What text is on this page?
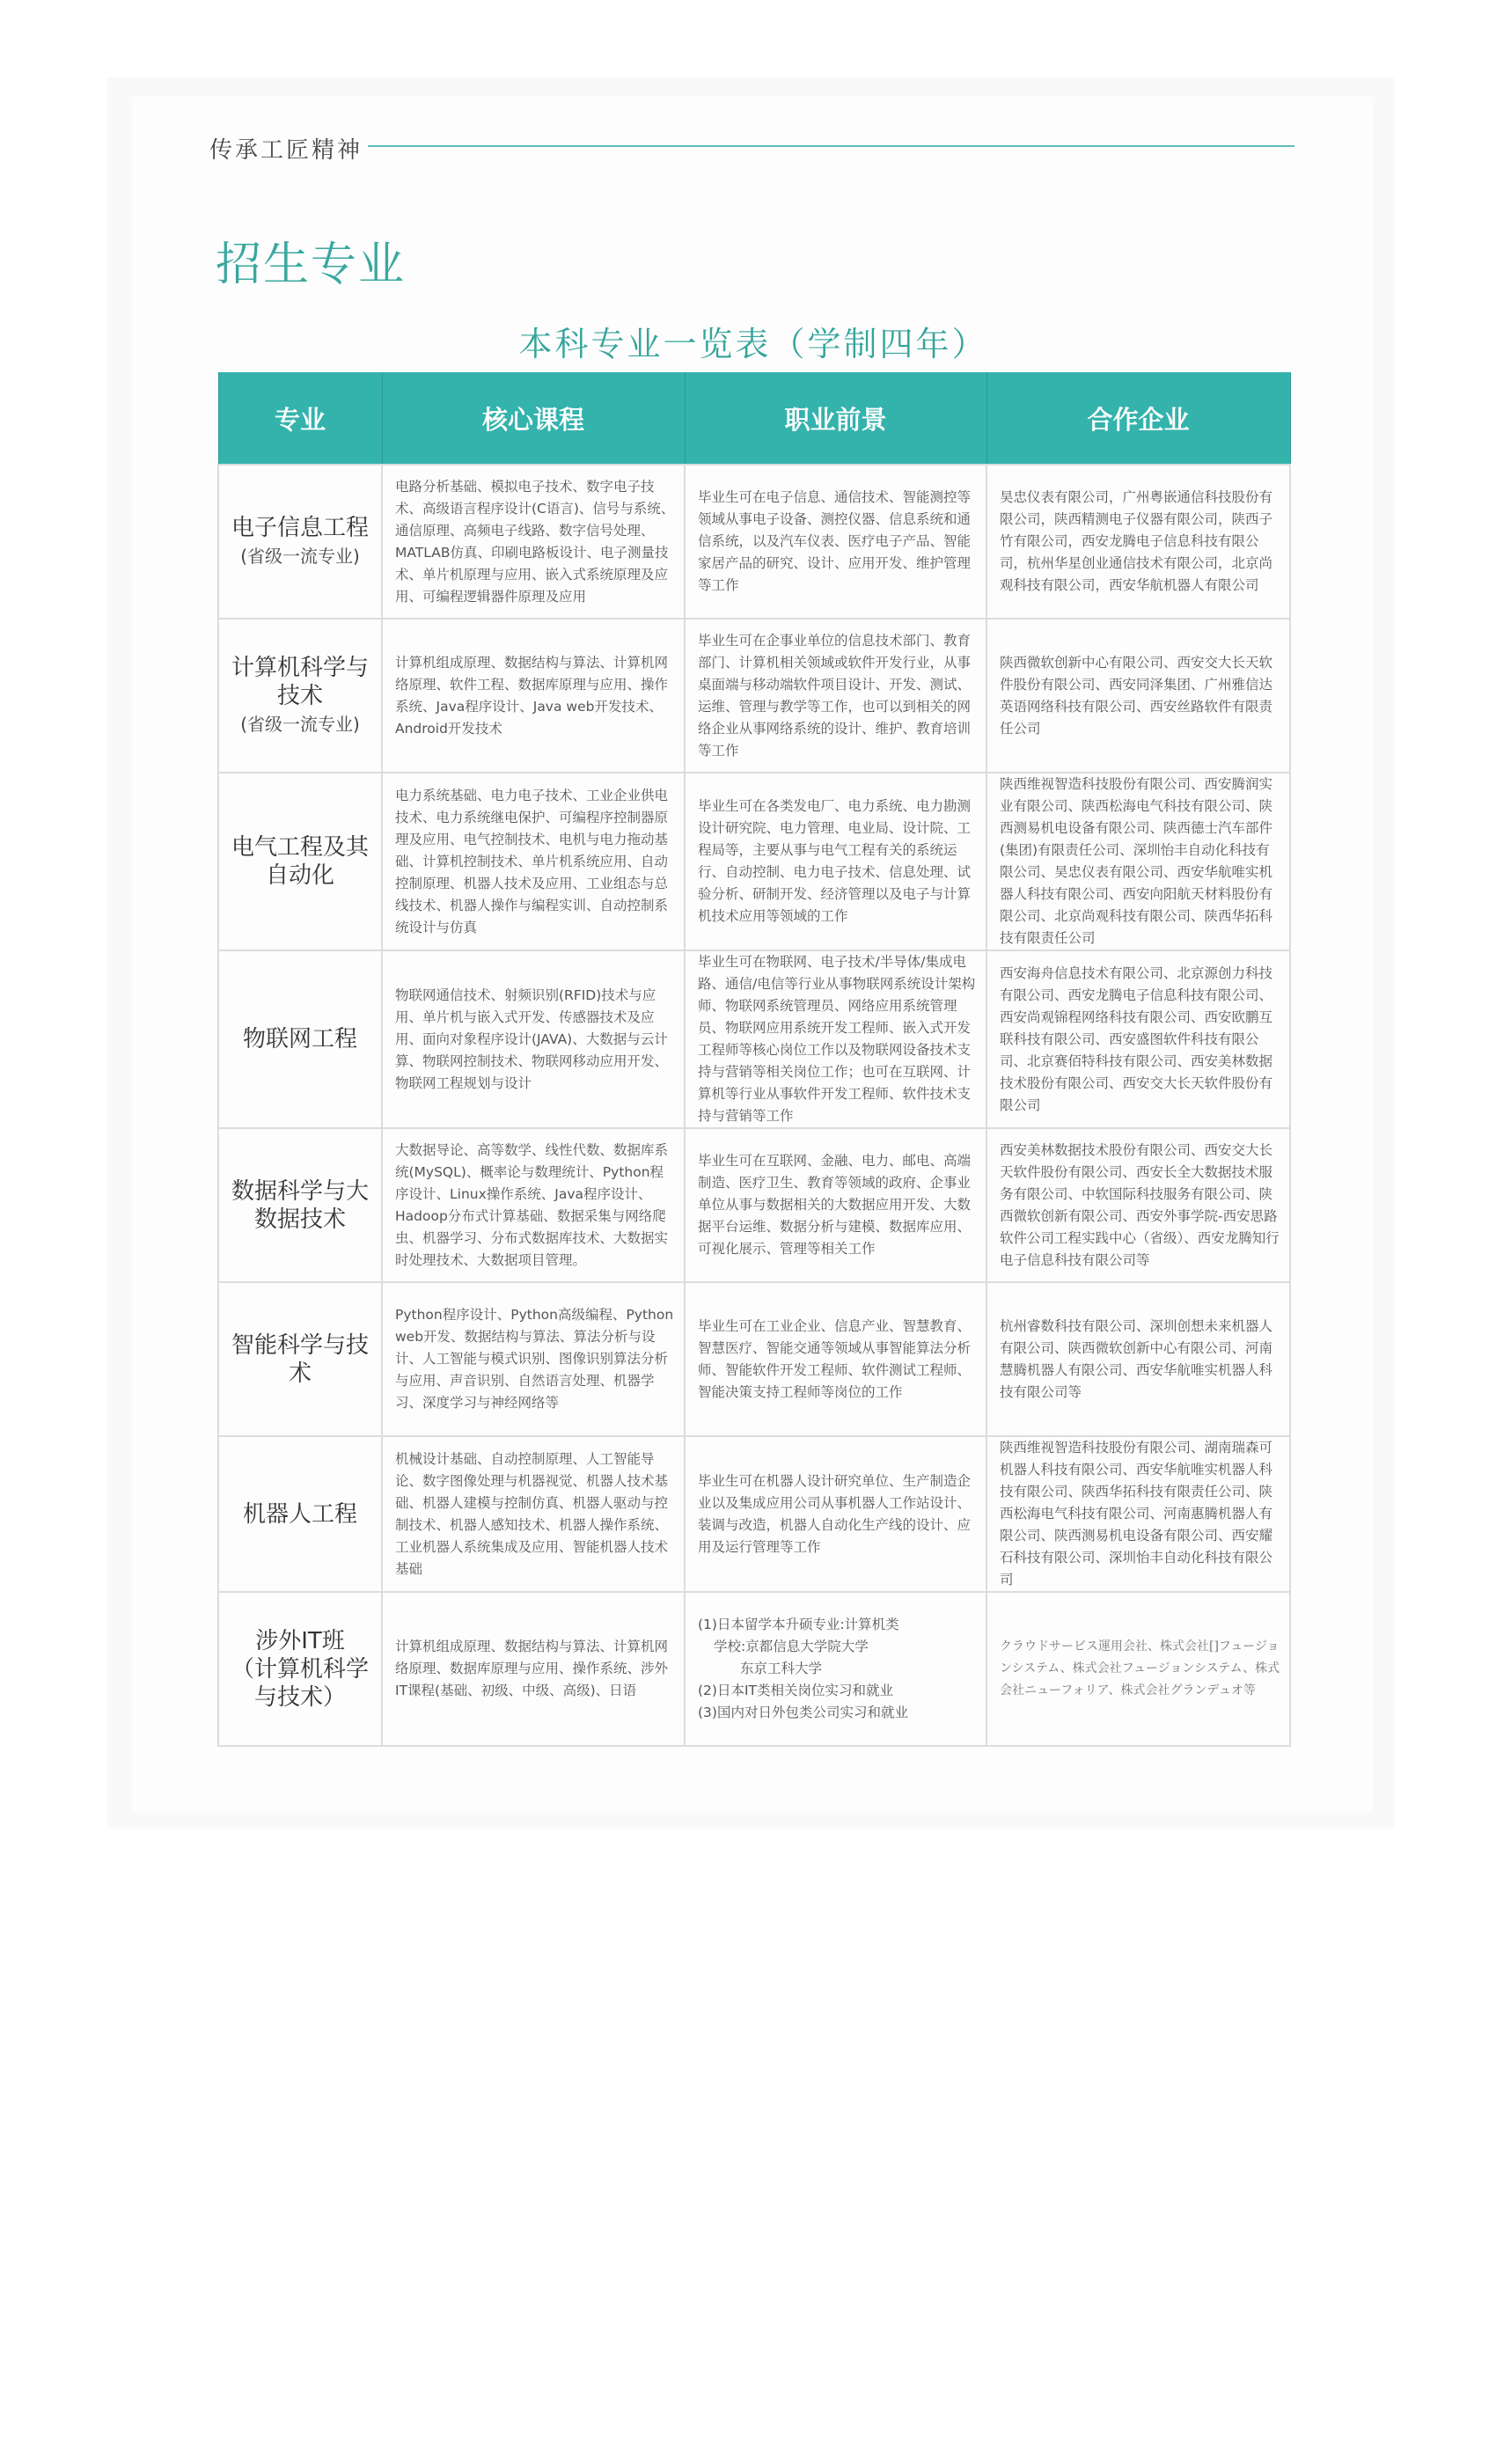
传承工匠精神
招生专业
本科专业一览表（学制四年）
专业	核心课程	职业前景	合作企业

电子信息工程
(省级一流专业)	电路分析基础、模拟电子技术、数字电子技术、高级语言程序设计(C语言)、信号与系统、通信原理、高频电子线路、数字信号处理、MATLAB仿真、印刷电路板设计、电子测量技术、单片机原理与应用、嵌入式系统原理及应用、可编程逻辑器件原理及应用	毕业生可在电子信息、通信技术、智能测控等领域从事电子设备、测控仪器、信息系统和通信系统，以及汽车仪表、医疗电子产品、智能家居产品的研究、设计、应用开发、维护管理等工作	昊忠仪表有限公司，广州粤嵌通信科技股份有限公司，陕西精测电子仪器有限公司，陕西子竹有限公司，西安龙腾电子信息科技有限公司，杭州华星创业通信技术有限公司，北京尚观科技有限公司，西安华航机器人有限公司

计算机科学与技术
(省级一流专业)	计算机组成原理、数据结构与算法、计算机网络原理、软件工程、数据库原理与应用、操作系统、Java程序设计、Java web开发技术、Android开发技术	毕业生可在企事业单位的信息技术部门、教育部门、计算机相关领域或软件开发行业，从事桌面端与移动端软件项目设计、开发、测试、运维、管理与教学等工作，也可以到相关的网络企业从事网络系统的设计、维护、教育培训等工作	陕西微软创新中心有限公司、西安交大长天软件股份有限公司、西安同泽集团、广州雅信达英语网络科技有限公司、西安丝路软件有限责任公司

电气工程及其自动化	电力系统基础、电力电子技术、工业企业供电技术、电力系统继电保护、可编程序控制器原理及应用、电气控制技术、电机与电力拖动基础、计算机控制技术、单片机系统应用、自动控制原理、机器人技术及应用、工业组态与总线技术、机器人操作与编程实训、自动控制系统设计与仿真	毕业生可在各类发电厂、电力系统、电力勘测设计研究院、电力管理、电业局、设计院、工程局等，主要从事与电气工程有关的系统运行、自动控制、电力电子技术、信息处理、试验分析、研制开发、经济管理以及电子与计算机技术应用等领域的工作	陕西维视智造科技股份有限公司、西安腾润实业有限公司、陕西松海电气科技有限公司、陕西测易机电设备有限公司、陕西德士汽车部件(集团)有限责任公司、深圳怡丰自动化科技有限公司、昊忠仪表有限公司、西安华航唯实机器人科技有限公司、西安向阳航天材料股份有限公司、北京尚观科技有限公司、陕西华拓科技有限责任公司

物联网工程	物联网通信技术、射频识别(RFID)技术与应用、单片机与嵌入式开发、传感器技术及应用、面向对象程序设计(JAVA)、大数据与云计算、物联网控制技术、物联网移动应用开发、物联网工程规划与设计	毕业生可在物联网、电子技术/半导体/集成电路、通信/电信等行业从事物联网系统设计架构师、物联网系统管理员、网络应用系统管理员、物联网应用系统开发工程师、嵌入式开发工程师等核心岗位工作以及物联网设备技术支持与营销等相关岗位工作；也可在互联网、计算机等行业从事软件开发工程师、软件技术支持与营销等工作	西安海舟信息技术有限公司、北京源创力科技有限公司、西安龙腾电子信息科技有限公司、西安尚观锦程网络科技有限公司、西安欧鹏互联科技有限公司、西安盛图软件科技有限公司、北京赛佰特科技有限公司、西安美林数据技术股份有限公司、西安交大长天软件股份有限公司

数据科学与大数据技术	大数据导论、高等数学、线性代数、数据库系统(MySQL)、概率论与数理统计、Python程序设计、Linux操作系统、Java程序设计、Hadoop分布式计算基础、数据采集与网络爬虫、机器学习、分布式数据库技术、大数据实时处理技术、大数据项目管理。	毕业生可在互联网、金融、电力、邮电、高端制造、医疗卫生、教育等领域的政府、企事业单位从事与数据相关的大数据应用开发、大数据平台运维、数据分析与建模、数据库应用、可视化展示、管理等相关工作	西安美林数据技术股份有限公司、西安交大长天软件股份有限公司、西安长全大数据技术服务有限公司、中软国际科技服务有限公司、陕西微软创新有限公司、西安外事学院-西安思路软件公司工程实践中心（省级）、西安龙腾知行电子信息科技有限公司等

智能科学与技术	Python程序设计、Python高级编程、Python web开发、数据结构与算法、算法分析与设计、人工智能与模式识别、图像识别算法分析与应用、声音识别、自然语言处理、机器学习、深度学习与神经网络等	毕业生可在工业企业、信息产业、智慧教育、智慧医疗、智能交通等领域从事智能算法分析师、智能软件开发工程师、软件测试工程师、智能决策支持工程师等岗位的工作	杭州睿数科技有限公司、深圳创想未来机器人有限公司、陕西微软创新中心有限公司、河南慧腾机器人有限公司、西安华航唯实机器人科技有限公司等

机器人工程	机械设计基础、自动控制原理、人工智能导论、数字图像处理与机器视觉、机器人技术基础、机器人建模与控制仿真、机器人驱动与控制技术、机器人感知技术、机器人操作系统、工业机器人系统集成及应用、智能机器人技术基础	毕业生可在机器人设计研究单位、生产制造企业以及集成应用公司从事机器人工作站设计、装调与改造，机器人自动化生产线的设计、应用及运行管理等工作	陕西维视智造科技股份有限公司、湖南瑞森可机器人科技有限公司、西安华航唯实机器人科技有限公司、陕西华拓科技有限责任公司、陕西松海电气科技有限公司、河南惠腾机器人有限公司、陕西测易机电设备有限公司、西安耀石科技有限公司、深圳怡丰自动化科技有限公司

涉外IT班
（计算机科学与技术）	计算机组成原理、数据结构与算法、计算机网络原理、数据库原理与应用、操作系统、涉外IT课程(基础、初级、中级、高级)、日语	(1)日本留学本升硕专业:计算机类
学校:京都信息大学院大学
东京工科大学
(2)日本IT类相关岗位实习和就业
(3)国内对日外包类公司实习和就业	クラウドサービス運用会社、株式会社[]フュージョンシステム、株式会社フュージョンシステム、株式会社ニューフォリア、株式会社グランデュオ等
